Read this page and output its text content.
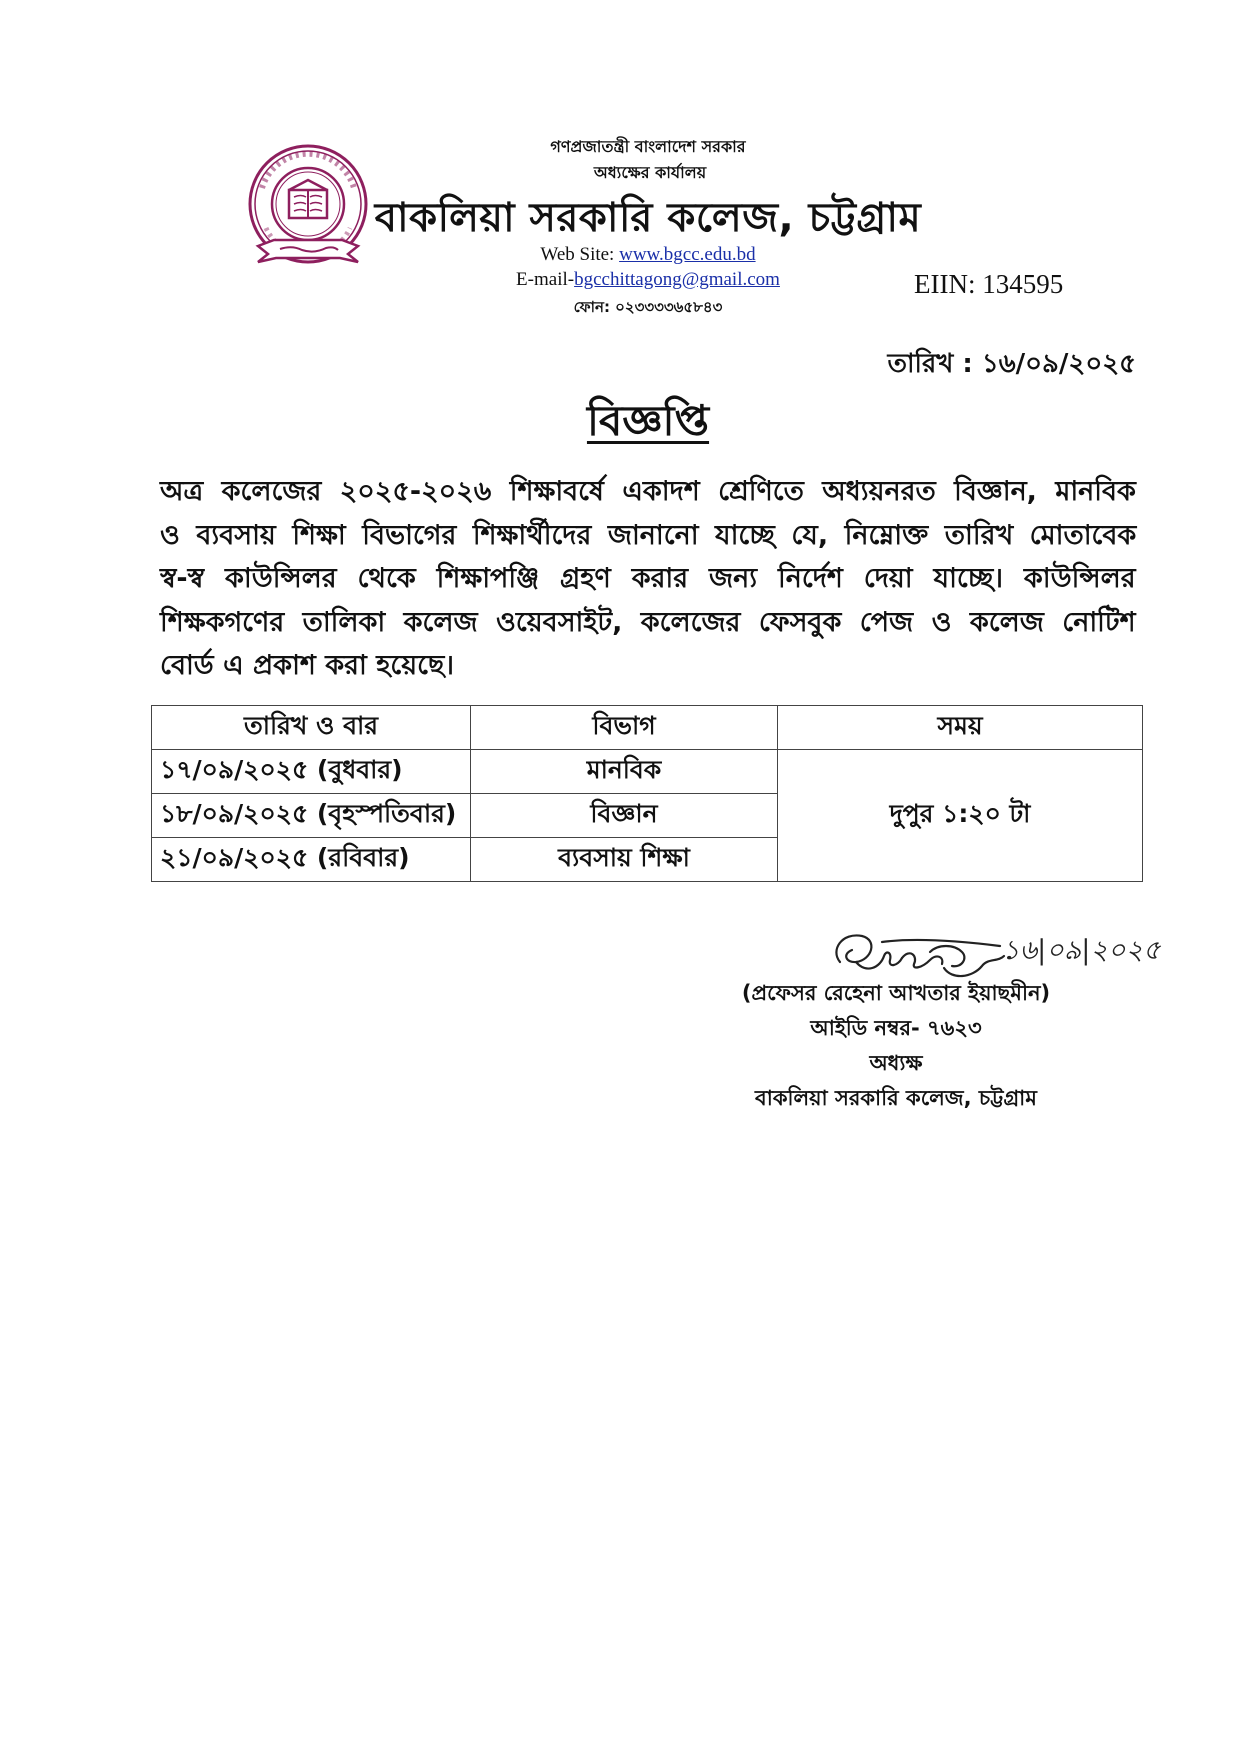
গণপ্রজাতন্ত্রী বাংলাদেশ সরকার
অধ্যক্ষের কার্যালয়
বাকলিয়া সরকারি কলেজ, চট্টগ্রাম
Web Site: www.bgcc.edu.bd
E-mail-bgcchittagong@gmail.com
ফোন: ০২৩৩৩৩৬৫৮৪৩
EIIN: 134595
তারিখ : ১৬/০৯/২০২৫
বিজ্ঞপ্তি
অত্র কলেজের ২০২৫-২০২৬ শিক্ষাবর্ষে একাদশ শ্রেণিতে অধ্যয়নরত বিজ্ঞান, মানবিক
ও ব্যবসায় শিক্ষা বিভাগের শিক্ষার্থীদের জানানো যাচ্ছে যে, নিম্নোক্ত তারিখ মোতাবেক
স্ব-স্ব কাউন্সিলর থেকে শিক্ষাপঞ্জি গ্রহণ করার জন্য নির্দেশ দেয়া যাচ্ছে। কাউন্সিলর
শিক্ষকগণের তালিকা কলেজ ওয়েবসাইট, কলেজের ফেসবুক পেজ ও কলেজ নোটিশ
বোর্ড এ প্রকাশ করা হয়েছে।
তারিখ ও বার	বিভাগ	সময়
১৭/০৯/২০২৫ (বুধবার)	মানবিক	দুপুর ১:২০ টা
১৮/০৯/২০২৫ (বৃহস্পতিবার)	বিজ্ঞান	
২১/০৯/২০২৫ (রবিবার)	ব্যবসায় শিক্ষা	
১৬|০৯|২০২৫
(প্রফেসর রেহেনা আখতার ইয়াছমীন)
আইডি নম্বর- ৭৬২৩
অধ্যক্ষ
বাকলিয়া সরকারি কলেজ, চট্টগ্রাম
